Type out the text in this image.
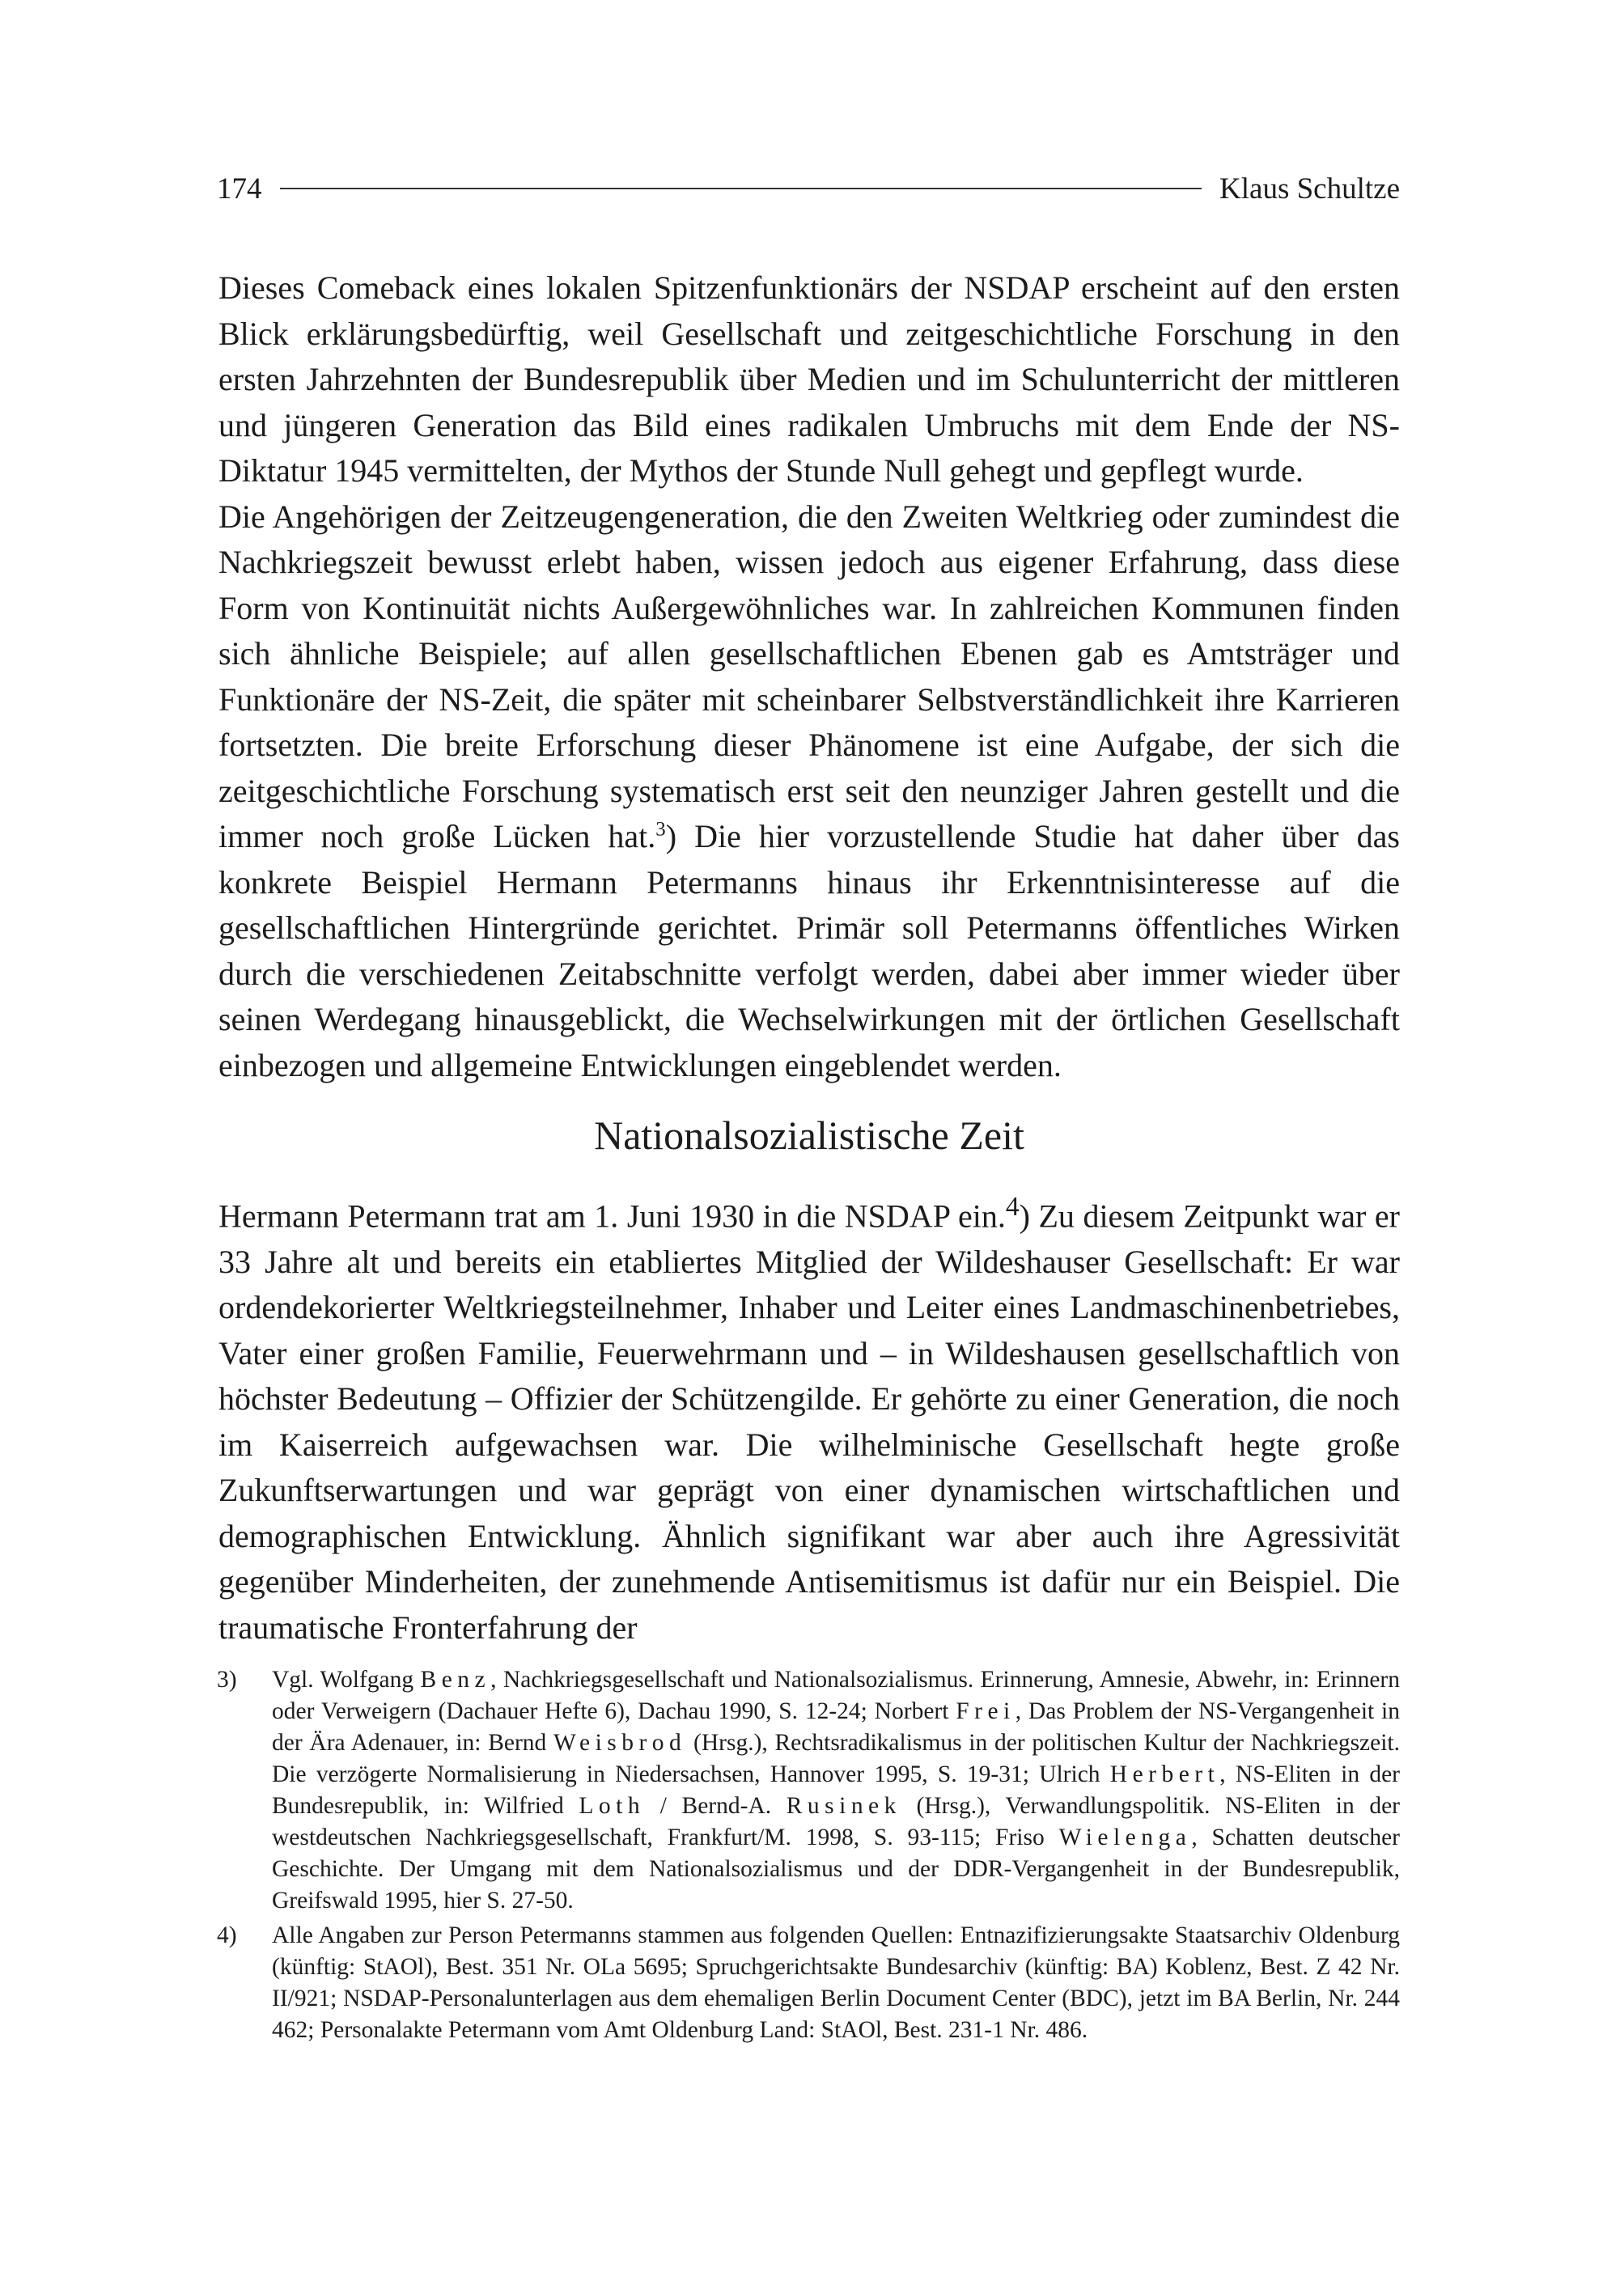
174	Klaus Schultze

Dieses Comeback eines lokalen Spitzenfunktionärs der NSDAP erscheint auf den ersten Blick erklärungsbedürftig, weil Gesellschaft und zeitgeschichtliche Forschung in den ersten Jahrzehnten der Bundesrepublik über Medien und im Schulunterricht der mittleren und jüngeren Generation das Bild eines radikalen Umbruchs mit dem Ende der NS-Diktatur 1945 vermittelten, der Mythos der Stunde Null gehegt und gepflegt wurde.

Die Angehörigen der Zeitzeugengeneration, die den Zweiten Weltkrieg oder zumindest die Nachkriegszeit bewusst erlebt haben, wissen jedoch aus eigener Erfahrung, dass diese Form von Kontinuität nichts Außergewöhnliches war. In zahlreichen Kommunen finden sich ähnliche Beispiele; auf allen gesellschaftlichen Ebenen gab es Amtsträger und Funktionäre der NS-Zeit, die später mit scheinbarer Selbstverständlichkeit ihre Karrieren fortsetzten. Die breite Erforschung dieser Phänomene ist eine Aufgabe, der sich die zeitgeschichtliche Forschung systematisch erst seit den neunziger Jahren gestellt und die immer noch große Lücken hat.$^3$) Die hier vorzustellende Studie hat daher über das konkrete Beispiel Hermann Petermanns hinaus ihr Erkenntnisinteresse auf die gesellschaftlichen Hintergründe gerichtet. Primär soll Petermanns öffentliches Wirken durch die verschiedenen Zeitabschnitte verfolgt werden, dabei aber immer wieder über seinen Werdegang hinausgeblickt, die Wechselwirkungen mit der örtlichen Gesellschaft einbezogen und allgemeine Entwicklungen eingeblendet werden.

Nationalsozialistische Zeit

Hermann Petermann trat am 1. Juni 1930 in die NSDAP ein.$^4$) Zu diesem Zeitpunkt war er 33 Jahre alt und bereits ein etabliertes Mitglied der Wildeshauser Gesellschaft: Er war ordendekorierter Weltkriegsteilnehmer, Inhaber und Leiter eines Landmaschinenbetriebes, Vater einer großen Familie, Feuerwehrmann und – in Wildeshausen gesellschaftlich von höchster Bedeutung – Offizier der Schützengilde. Er gehörte zu einer Generation, die noch im Kaiserreich aufgewachsen war. Die wilhelminische Gesellschaft hegte große Zukunftserwartungen und war geprägt von einer dynamischen wirtschaftlichen und demographischen Entwicklung. Ähnlich signifikant war aber auch ihre Agressivität gegenüber Minderheiten, der zunehmende Antisemitismus ist dafür nur ein Beispiel. Die traumatische Fronterfahrung der

3)	Vgl. Wolfgang Benz, Nachkriegsgesellschaft und Nationalsozialismus. Erinnerung, Amnesie, Abwehr, in: Erinnern oder Verweigern (Dachauer Hefte 6), Dachau 1990, S. 12-24; Norbert Frei, Das Problem der NS-Vergangenheit in der Ära Adenauer, in: Bernd Weisbrod (Hrsg.), Rechtsradikalismus in der politischen Kultur der Nachkriegszeit. Die verzögerte Normalisierung in Niedersachsen, Hannover 1995, S. 19-31; Ulrich Herbert, NS-Eliten in der Bundesrepublik, in: Wilfried Loth / Bernd-A. Rusinek (Hrsg.), Verwandlungspolitik. NS-Eliten in der westdeutschen Nachkriegsgesellschaft, Frankfurt/M. 1998, S. 93-115; Friso Wielenga, Schatten deutscher Geschichte. Der Umgang mit dem Nationalsozialismus und der DDR-Vergangenheit in der Bundesrepublik, Greifswald 1995, hier S. 27-50.
4)	Alle Angaben zur Person Petermanns stammen aus folgenden Quellen: Entnazifizierungsakte Staatsarchiv Oldenburg (künftig: StAOl), Best. 351 Nr. OLa 5695; Spruchgerichtsakte Bundesarchiv (künftig: BA) Koblenz, Best. Z 42 Nr. II/921; NSDAP-Personalunterlagen aus dem ehemaligen Berlin Document Center (BDC), jetzt im BA Berlin, Nr. 244 462; Personalakte Petermann vom Amt Oldenburg Land: StAOl, Best. 231-1 Nr. 486.
